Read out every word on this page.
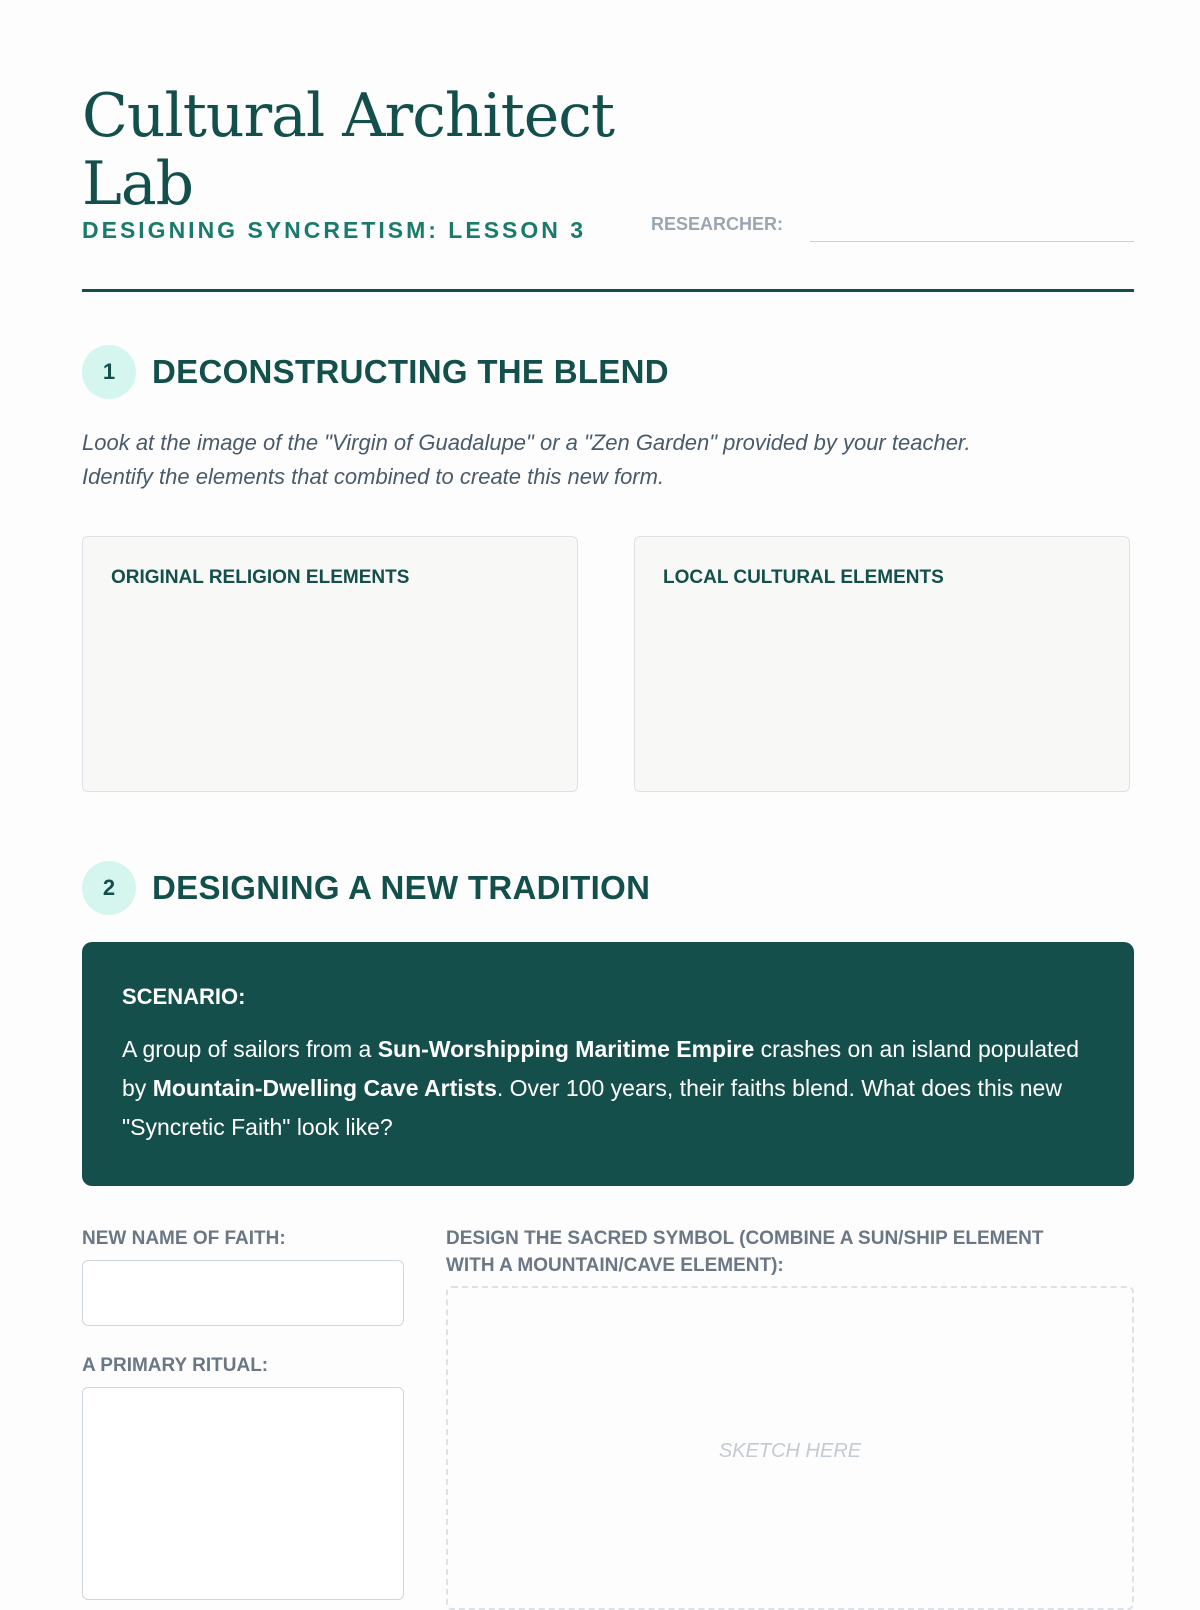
Cultural Architect
Lab
DESIGNING SYNCRETISM: LESSON 3	RESEARCHER:
1	DECONSTRUCTING THE BLEND
Look at the image of the "Virgin of Guadalupe" or a "Zen Garden" provided by your teacher.
Identify the elements that combined to create this new form.
ORIGINAL RELIGION ELEMENTS	LOCAL CULTURAL ELEMENTS
2	DESIGNING A NEW TRADITION
SCENARIO:
A group of sailors from a Sun-Worshipping Maritime Empire crashes on an island populated by Mountain-Dwelling Cave Artists. Over 100 years, their faiths blend. What does this new "Syncretic Faith" look like?
NEW NAME OF FAITH:
A PRIMARY RITUAL:
DESIGN THE SACRED SYMBOL (COMBINE A SUN/SHIP ELEMENT
WITH A MOUNTAIN/CAVE ELEMENT):
SKETCH HERE
